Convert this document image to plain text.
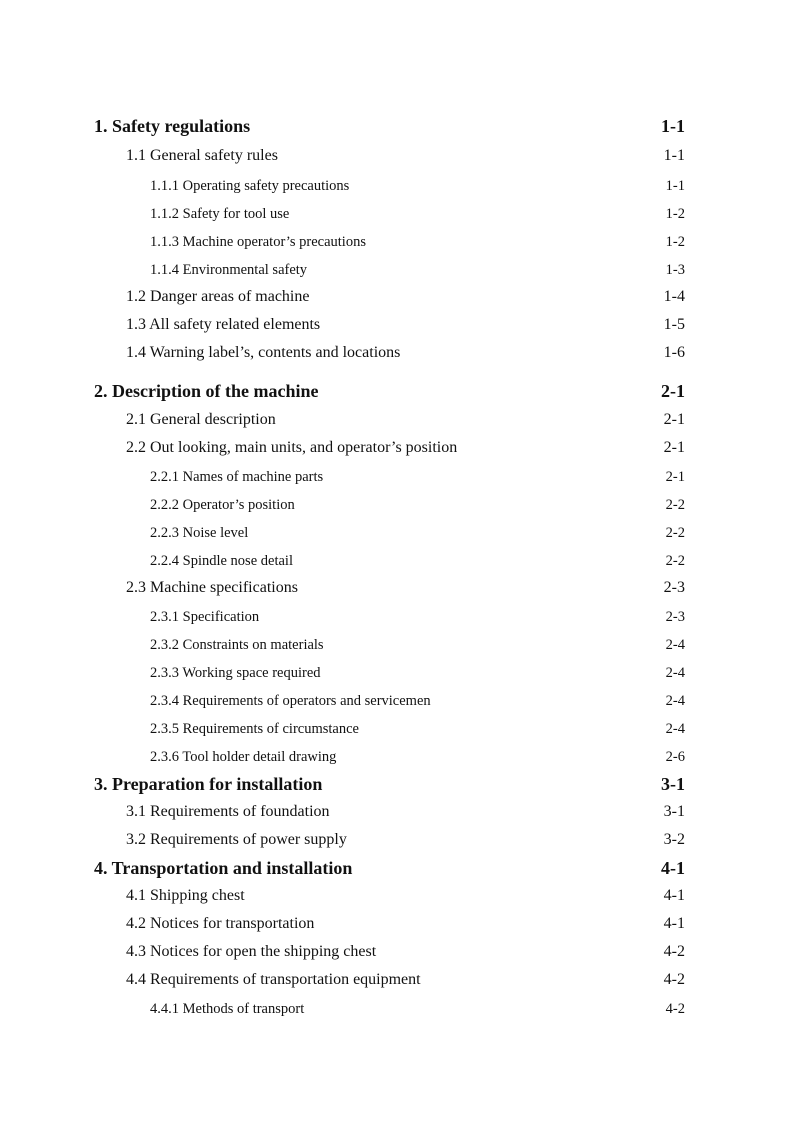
1. Safety regulations	1-1
1.1 General safety rules	1-1
1.1.1 Operating safety precautions	1-1
1.1.2 Safety for tool use	1-2
1.1.3 Machine operator’s precautions	1-2
1.1.4 Environmental safety	1-3
1.2 Danger areas of machine	1-4
1.3 All safety related elements	1-5
1.4 Warning label’s, contents and locations	1-6
2. Description of the machine	2-1
2.1 General description	2-1
2.2 Out looking, main units, and operator’s position	2-1
2.2.1 Names of machine parts	2-1
2.2.2 Operator’s position	2-2
2.2.3 Noise level	2-2
2.2.4 Spindle nose detail	2-2
2.3 Machine specifications	2-3
2.3.1 Specification	2-3
2.3.2 Constraints on materials	2-4
2.3.3 Working space required	2-4
2.3.4 Requirements of operators and servicemen	2-4
2.3.5 Requirements of circumstance	2-4
2.3.6 Tool holder detail drawing	2-6
3. Preparation for installation	3-1
3.1 Requirements of foundation	3-1
3.2 Requirements of power supply	3-2
4. Transportation and installation	4-1
4.1 Shipping chest	4-1
4.2 Notices for transportation	4-1
4.3 Notices for open the shipping chest	4-2
4.4 Requirements of transportation equipment	4-2
4.4.1 Methods of transport	4-2
